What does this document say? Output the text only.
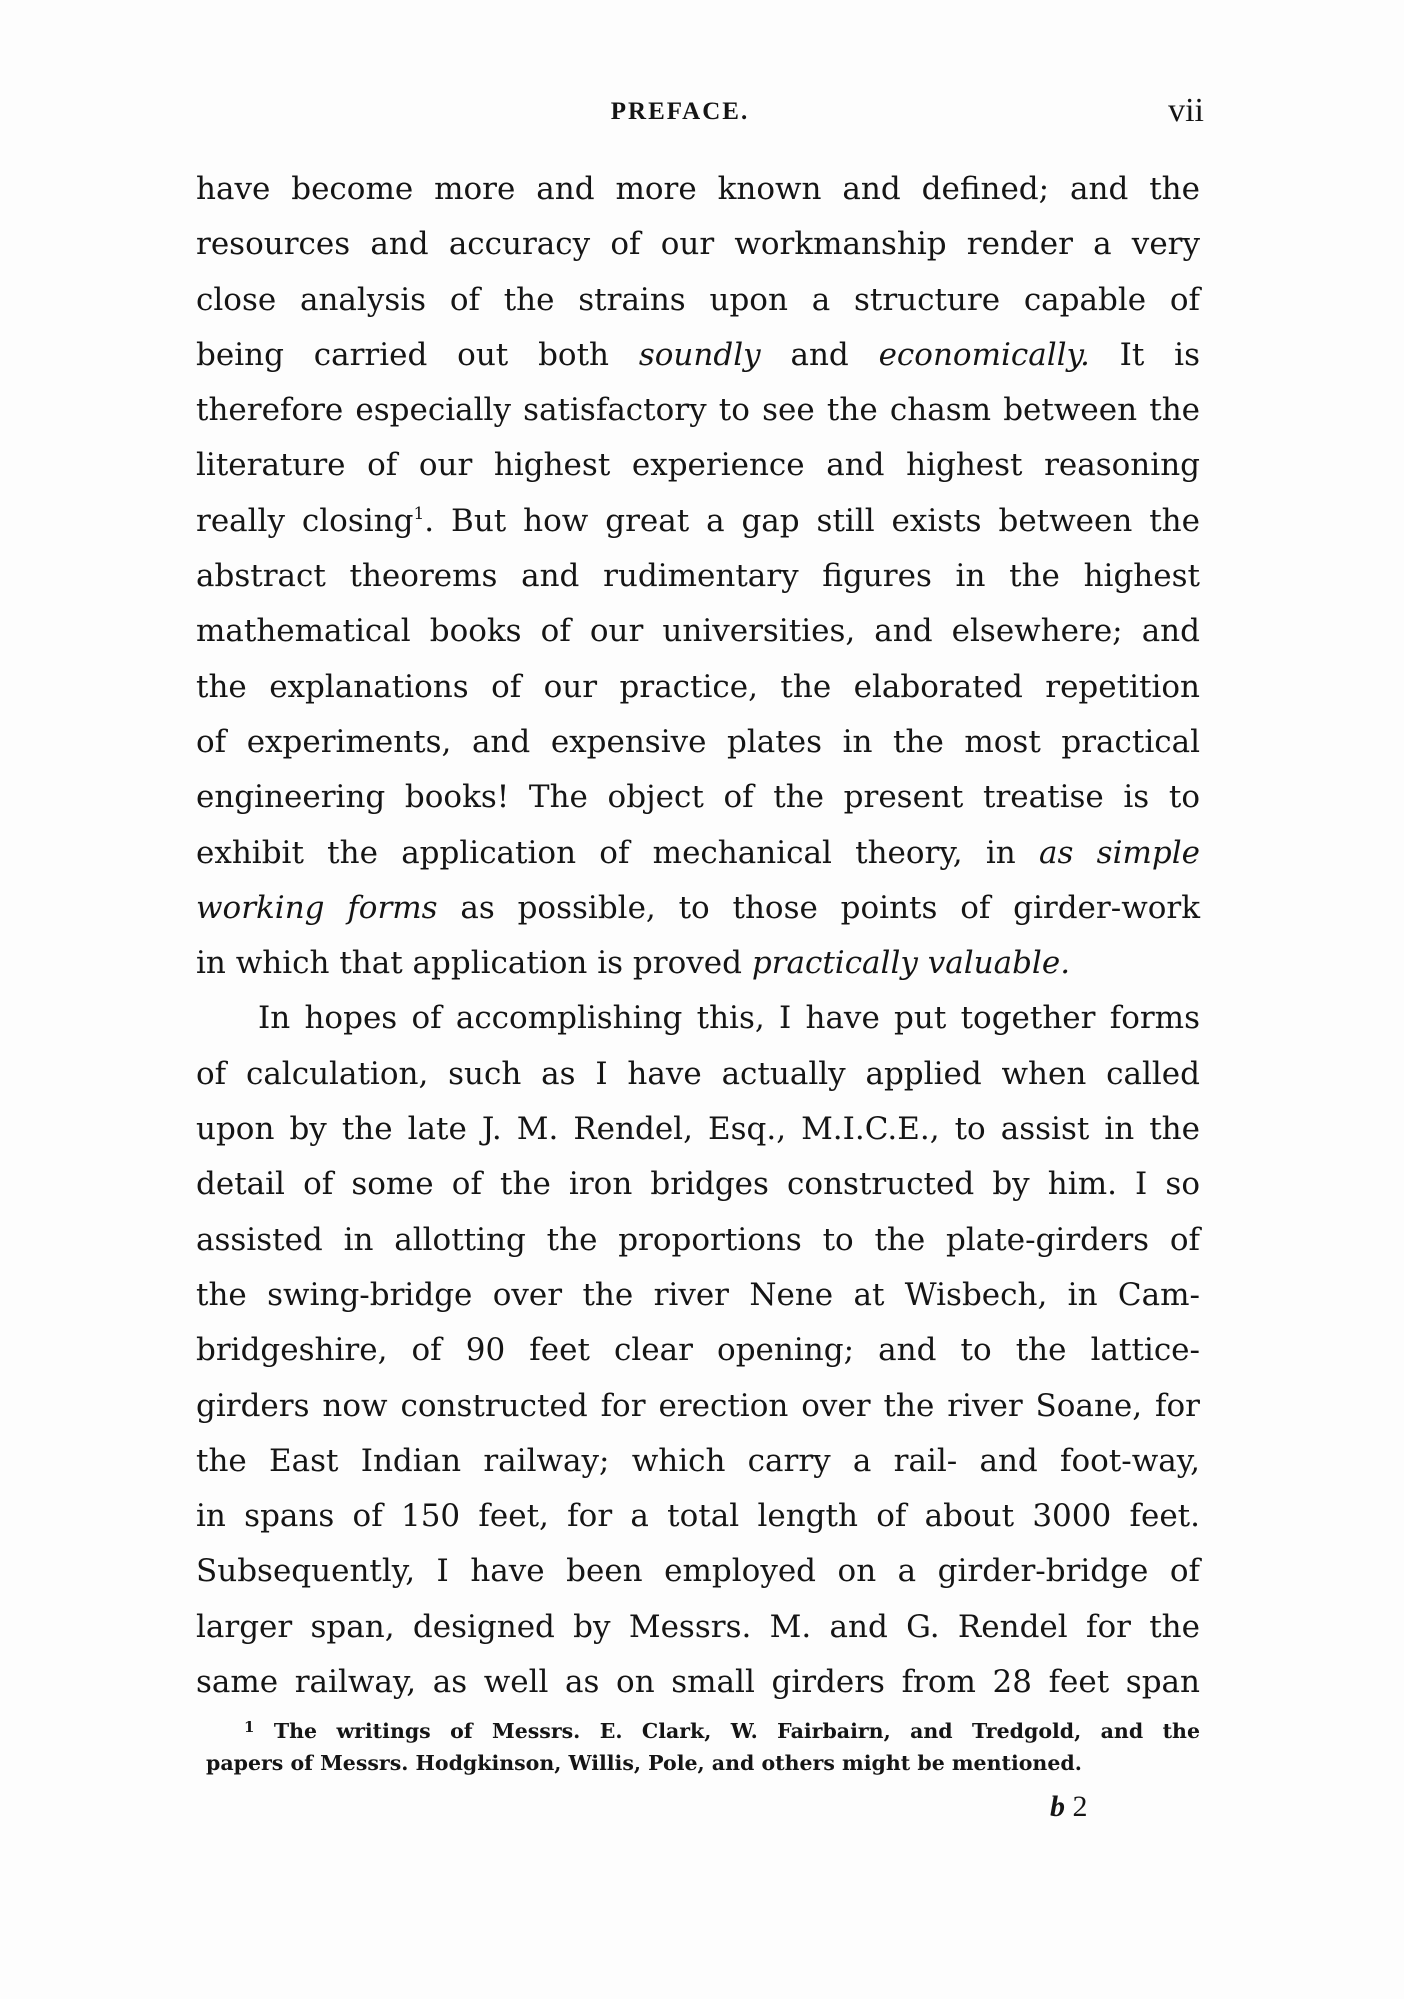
PREFACE.	vii
have become more and more known and defined; and the
resources and accuracy of our workmanship render a very
close analysis of the strains upon a structure capable of
being carried out both soundly and economically. It is
therefore especially satisfactory to see the chasm between the
literature of our highest experience and highest reasoning
really closing$^1$. But how great a gap still exists between the
abstract theorems and rudimentary figures in the highest
mathematical books of our universities, and elsewhere; and
the explanations of our practice, the elaborated repetition
of experiments, and expensive plates in the most practical
engineering books! The object of the present treatise is to
exhibit the application of mechanical theory, in as simple
working forms as possible, to those points of girder-work
in which that application is proved practically valuable.
In hopes of accomplishing this, I have put together forms
of calculation, such as I have actually applied when called
upon by the late J. M. Rendel, Esq., M.I.C.E., to assist in the
detail of some of the iron bridges constructed by him. I so
assisted in allotting the proportions to the plate-girders of
the swing-bridge over the river Nene at Wisbech, in Cam-
bridgeshire, of 90 feet clear opening; and to the lattice-
girders now constructed for erection over the river Soane, for
the East Indian railway; which carry a rail- and foot-way,
in spans of 150 feet, for a total length of about 3000 feet.
Subsequently, I have been employed on a girder-bridge of
larger span, designed by Messrs. M. and G. Rendel for the
same railway, as well as on small girders from 28 feet span
$^1$ The writings of Messrs. E. Clark, W. Fairbairn, and Tredgold, and the
papers of Messrs. Hodgkinson, Willis, Pole, and others might be mentioned.
b 2
